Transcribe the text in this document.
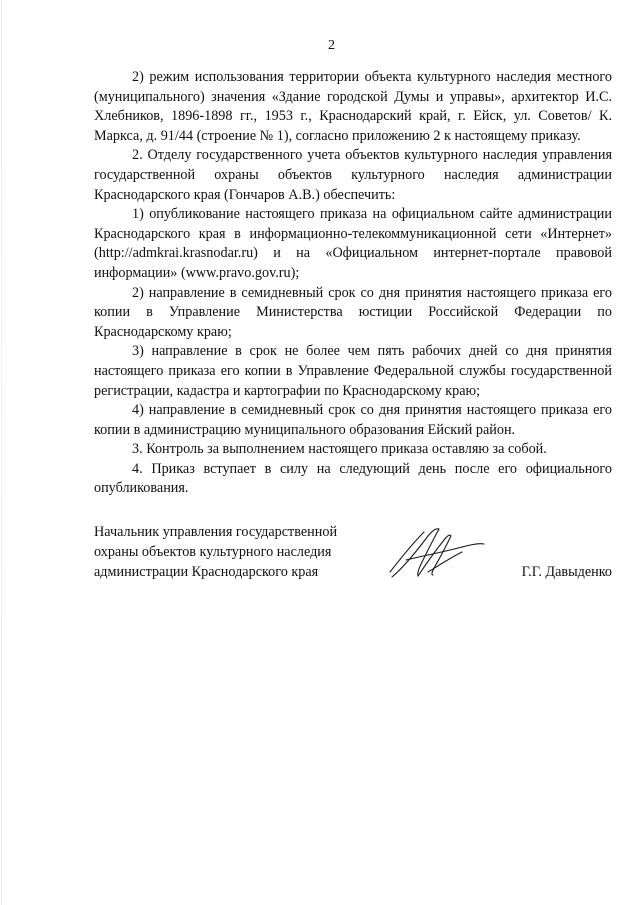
2

2) режим использования территории объекта культурного наследия местного (муниципального) значения «Здание городской Думы и управы», архитектор И.С. Хлебников, 1896-1898 гг., 1953 г., Краснодарский край, г. Ейск, ул. Советов/ К. Маркса, д. 91/44 (строение № 1), согласно приложению 2 к настоящему приказу.

2. Отделу государственного учета объектов культурного наследия управления государственной охраны объектов культурного наследия администрации Краснодарского края (Гончаров А.В.) обеспечить:

1) опубликование настоящего приказа на официальном сайте администрации Краснодарского края в информационно-телекоммуникационной сети «Интернет» (http://admkrai.krasnodar.ru) и на «Официальном интернет-портале правовой информации» (www.pravo.gov.ru);

2) направление в семидневный срок со дня принятия настоящего приказа его копии в Управление Министерства юстиции Российской Федерации по Краснодарскому краю;

3) направление в срок не более чем пять рабочих дней со дня принятия настоящего приказа его копии в Управление Федеральной службы государственной регистрации, кадастра и картографии по Краснодарскому краю;

4) направление в семидневный срок со дня принятия настоящего приказа его копии в администрацию муниципального образования Ейский район.

3. Контроль за выполнением настоящего приказа оставляю за собой.

4. Приказ вступает в силу на следующий день после его официального опубликования.

Начальник управления государственной
охраны объектов культурного наследия
администрации Краснодарского края	Г.Г. Давыденко
